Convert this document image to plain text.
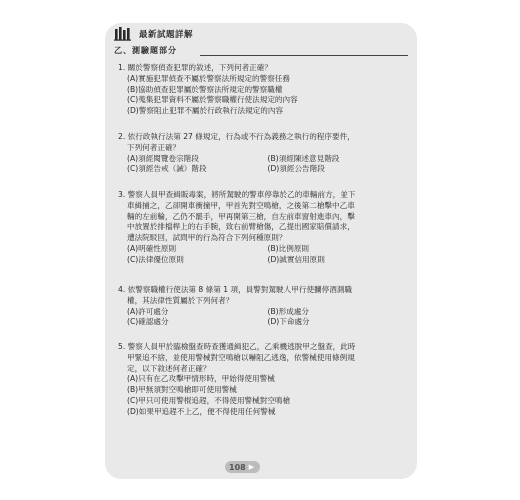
最新試題詳解
乙、測驗題部分
1. 關於警察偵查犯罪的敘述，下列何者正確？
(A)實施犯罪偵查不屬於警察法所規定的警察任務
(B)協助偵查犯罪屬於警察法所規定的警察職權
(C)蒐集犯罪資料不屬於警察職權行使法規定的內容
(D)警察阻止犯罪不屬於行政執行法規定的內容
2. 依行政執行法第 27 條規定，行為或不行為義務之執行的程序要件，
下列何者正確？
(A)須經閱覽卷宗階段	(B)須經陳述意見階段
(C)須經告戒（誡）階段	(D)須經公告階段
3. 警察人員甲查緝販毒案，將所駕駛的警車停靠於乙的車輛前方，並下
車緝捕之，乙卻開車衝撞甲，甲首先對空鳴槍，之後第二槍擊中乙車
輛的左前輪，乙仍不罷手，甲再開第三槍，自左前車窗射進車內，擊
中放置於排檔桿上的右手腕，致右前臂槍傷，乙提出國家賠償請求，
遭法院駁回，試問甲的行為符合下列何種原則？
(A)明確性原則	(B)比例原則
(C)法律優位原則	(D)誠實信用原則
4. 依警察職權行使法第 8 條第 1 項，員警對駕駛人甲行使攔停酒測職
權，其法律性質屬於下列何者？
(A)許可處分	(B)形成處分
(C)確認處分	(D)下命處分
5. 警察人員甲於臨檢盤查時查獲通緝犯乙，乙乘機逃脫甲之盤查，此時
甲緊追不捨，並使用警械對空鳴槍以嚇阻乙逃逸，依警械使用條例規
定，以下敘述何者正確？
(A)只有在乙攻擊甲情形時，甲始得使用警械
(B)甲無須對空鳴槍即可使用警械
(C)甲只可使用警棍追趕，不得使用警械對空鳴槍
(D)如果甲追趕不上乙，便不得使用任何警械
108 ▶
